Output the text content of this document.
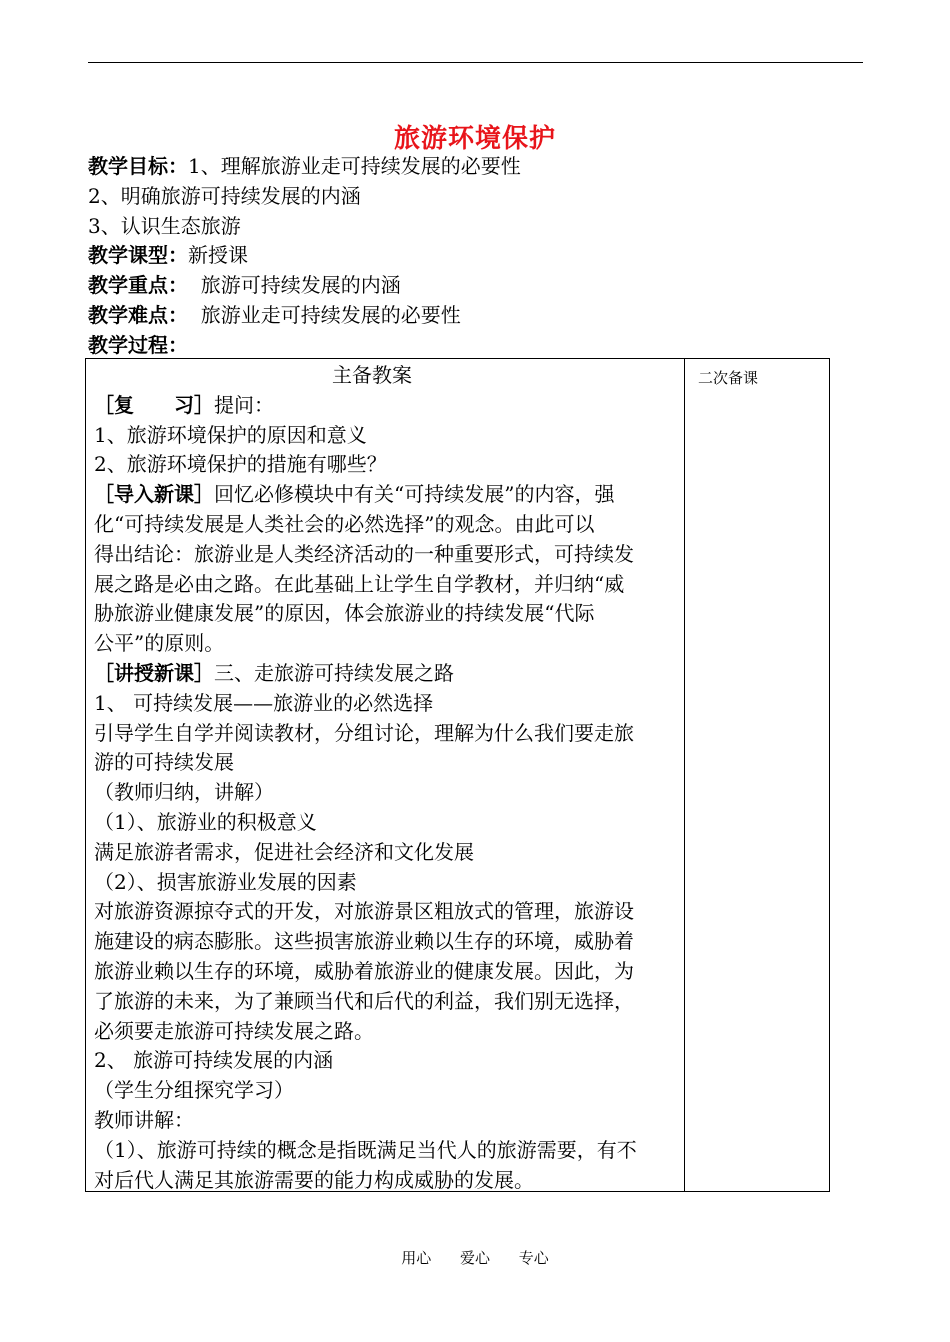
旅游环境保护
教学目标：1、理解旅游业走可持续发展的必要性
2、明确旅游可持续发展的内涵
3、认识生态旅游
教学课型：新授课
教学重点：  旅游可持续发展的内涵
教学难点：  旅游业走可持续发展的必要性
教学过程：
二次备课
主备教案
［复　　习］提问：
1、旅游环境保护的原因和意义
2、旅游环境保护的措施有哪些？
［导入新课］回忆必修模块中有关“可持续发展”的内容，强
化“可持续发展是人类社会的必然选择”的观念。由此可以
得出结论：旅游业是人类经济活动的一种重要形式，可持续发
展之路是必由之路。在此基础上让学生自学教材，并归纳“威
胁旅游业健康发展”的原因，体会旅游业的持续发展“代际
公平”的原则。
［讲授新课］三、走旅游可持续发展之路
1、 可持续发展——旅游业的必然选择
引导学生自学并阅读教材，分组讨论，理解为什么我们要走旅
游的可持续发展
（教师归纳，讲解）
（1）、旅游业的积极意义
满足旅游者需求，促进社会经济和文化发展
（2）、损害旅游业发展的因素
对旅游资源掠夺式的开发，对旅游景区粗放式的管理，旅游设
施建设的病态膨胀。这些损害旅游业赖以生存的环境，威胁着
旅游业赖以生存的环境，威胁着旅游业的健康发展。因此，为
了旅游的未来，为了兼顾当代和后代的利益，我们别无选择，
必须要走旅游可持续发展之路。
2、 旅游可持续发展的内涵
（学生分组探究学习）
教师讲解：
（1）、旅游可持续的概念是指既满足当代人的旅游需要，有不
对后代人满足其旅游需要的能力构成威胁的发展。
用心 爱心 专心
